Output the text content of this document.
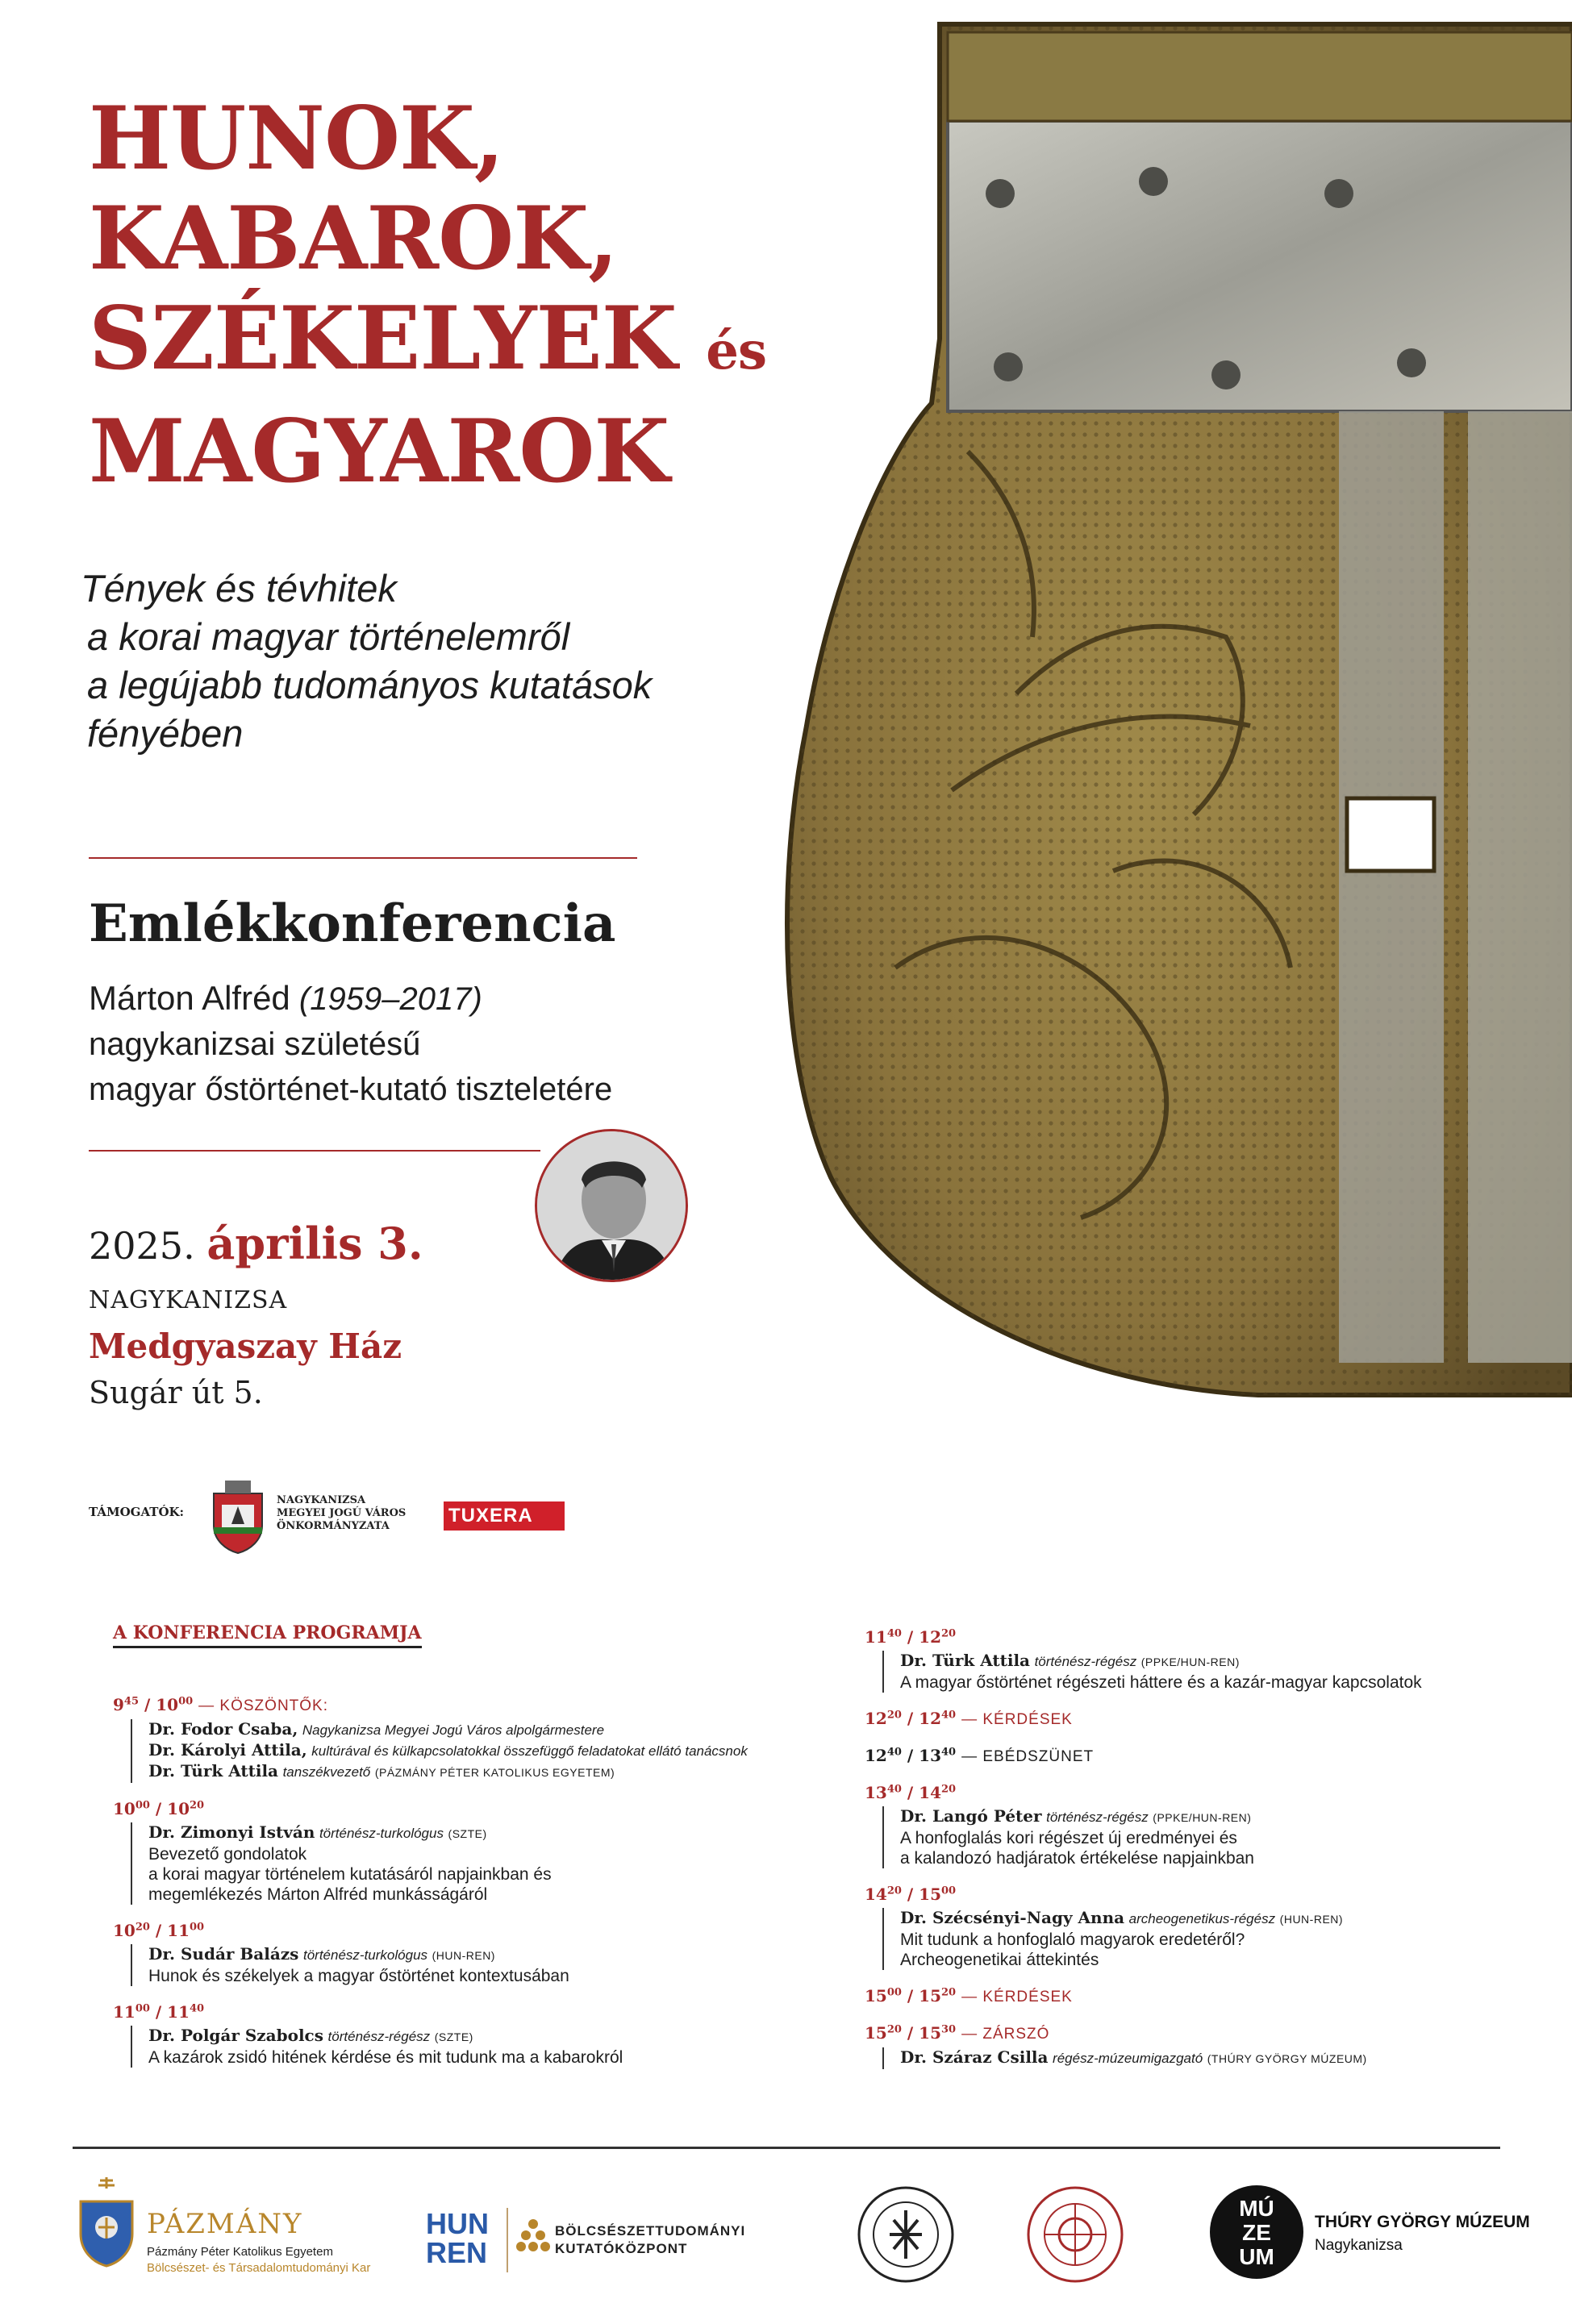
HUNOK,
KABAROK,
SZÉKELYEK és
MAGYAROK
Tények és tévhitek
a korai magyar történelemről
a legújabb tudományos kutatások
fényében
Emlékkonferencia
Márton Alfréd (1959–2017)
nagykanizsai születésű
magyar őstörténet-kutató tiszteletére
2025. április 3.
NAGYKANIZSA
Medgyaszay Ház
Sugár út 5.
TÁMOGATÓK:
NAGYKANIZSA
MEGYEI JOGÚ VÁROS
ÖNKORMÁNYZATA	TUXERA
A KONFERENCIA PROGRAMJA
$9^{45} / 10^{00}$ — KÖSZÖNTŐK:
Dr. Fodor Csaba, Nagykanizsa Megyei Jogú Város alpolgármestere
Dr. Károlyi Attila, kultúrával és külkapcsolatokkal összefüggő feladatokat ellátó tanácsnok
Dr. Türk Attila tanszékvezető (PÁZMÁNY PÉTER KATOLIKUS EGYETEM)
$10^{00} / 10^{20}$
Dr. Zimonyi István történész-turkológus (SZTE)
Bevezető gondolatok
a korai magyar történelem kutatásáról napjainkban és
megemlékezés Márton Alfréd munkásságáról
$10^{20} / 11^{00}$
Dr. Sudár Balázs történész-turkológus (HUN-REN)
Hunok és székelyek a magyar őstörténet kontextusában
$11^{00} / 11^{40}$
Dr. Polgár Szabolcs történész-régész (SZTE)
A kazárok zsidó hitének kérdése és mit tudunk ma a kabarokról
$11^{40} / 12^{20}$
Dr. Türk Attila történész-régész (PPKE/HUN-REN)
A magyar őstörténet régészeti háttere és a kazár-magyar kapcsolatok
$12^{20} / 12^{40}$ — KÉRDÉSEK
$12^{40} / 13^{40}$ — EBÉDSZÜNET
$13^{40} / 14^{20}$
Dr. Langó Péter történész-régész (PPKE/HUN-REN)
A honfoglalás kori régészet új eredményei és
a kalandozó hadjáratok értékelése napjainkban
$14^{20} / 15^{00}$
Dr. Szécsényi-Nagy Anna archeogenetikus-régész (HUN-REN)
Mit tudunk a honfoglaló magyarok eredetéről?
Archeogenetikai áttekintés
$15^{00} / 15^{20}$ — KÉRDÉSEK
$15^{20} / 15^{30}$ — ZÁRSZÓ
Dr. Száraz Csilla régész-múzeumigazgató (THÚRY GYÖRGY MÚZEUM)
PÁZMÁNY
Pázmány Péter Katolikus Egyetem
Bölcsészet- és Társadalomtudományi Kar
HUN
REN
BÖLCSÉSZETTUDOMÁNYI
KUTATÓKÖZPONT
MÚ
ZE
UM
THÚRY GYÖRGY MÚZEUM
Nagykanizsa
